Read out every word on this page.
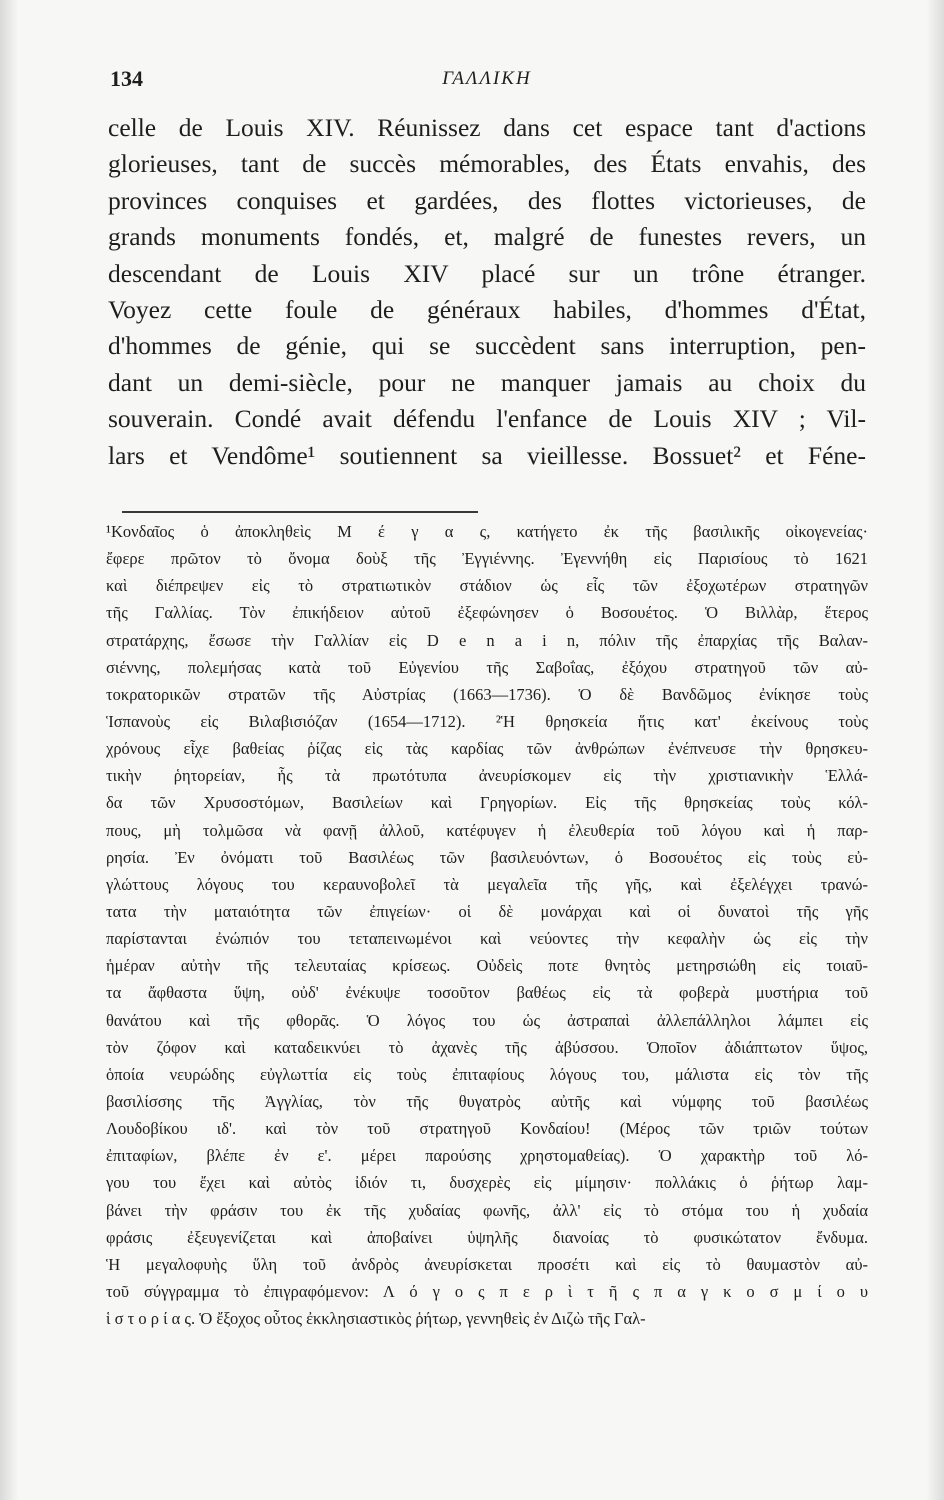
134	ΓΑΛΛΙΚΗ
celle de Louis XIV. Réunissez dans cet espace tant d'actions
glorieuses, tant de succès mémorables, des États envahis, des
provinces conquises et gardées, des flottes victorieuses, de
grands monuments fondés, et, malgré de funestes revers, un
descendant de Louis XIV placé sur un trône étranger.
Voyez cette foule de généraux habiles, d'hommes d'État,
d'hommes de génie, qui se succèdent sans interruption, pen-
dant un demi-siècle, pour ne manquer jamais au choix du
souverain. Condé avait défendu l'enfance de Louis XIV ; Vil-
lars et Vendôme¹ soutiennent sa vieillesse. Bossuet² et Féne-
¹Κονδαῖος ὁ ἀποκληθεὶς Μ έ γ α ς, κατήγετο ἐκ τῆς βασιλικῆς οἰκογενείας·
ἔφερε πρῶτον τὸ ὄνομα δοὺξ τῆς Ἐγγιέννης. Ἐγεννήθη εἰς Παρισίους τὸ 1621
καὶ διέπρεψεν εἰς τὸ στρατιωτικὸν στάδιον ὡς εἷς τῶν ἐξοχωτέρων στρατηγῶν
τῆς Γαλλίας. Τὸν ἐπικήδειον αὐτοῦ ἐξεφώνησεν ὁ Βοσουέτος. Ὁ Βιλλὰρ, ἕτερος
στρατάρχης, ἔσωσε τὴν Γαλλίαν εἰς D e n a i n, πόλιν τῆς ἐπαρχίας τῆς Βαλαν-
σιέννης, πολεμήσας κατὰ τοῦ Εὐγενίου τῆς Σαβοΐας, ἐξόχου στρατηγοῦ τῶν αὐ-
τοκρατορικῶν στρατῶν τῆς Αὐστρίας (1663—1736). Ὁ δὲ Βανδῶμος ἐνίκησε τοὺς
Ἱσπανοὺς εἰς Βιλαβισιόζαν (1654—1712). ²Ἡ θρησκεία ἥτις κατ' ἐκείνους τοὺς
χρόνους εἶχε βαθείας ῥίζας εἰς τὰς καρδίας τῶν ἀνθρώπων ἐνέπνευσε τὴν θρησκευ-
τικὴν ῥητορείαν, ἧς τὰ πρωτότυπα ἀνευρίσκομεν εἰς τὴν χριστιανικὴν Ἑλλά-
δα τῶν Χρυσοστόμων, Βασιλείων καὶ Γρηγορίων. Εἰς τῆς θρησκείας τοὺς κόλ-
πους, μὴ τολμῶσα νὰ φανῇ ἀλλοῦ, κατέφυγεν ἡ ἐλευθερία τοῦ λόγου καὶ ἡ παρ-
ρησία. Ἐν ὀνόματι τοῦ Βασιλέως τῶν βασιλευόντων, ὁ Βοσουέτος εἰς τοὺς εὐ-
γλώττους λόγους του κεραυνοβολεῖ τὰ μεγαλεῖα τῆς γῆς, καὶ ἐξελέγχει τρανώ-
τατα τὴν ματαιότητα τῶν ἐπιγείων· οἱ δὲ μονάρχαι καὶ οἱ δυνατοὶ τῆς γῆς
παρίστανται ἐνώπιόν του τεταπεινωμένοι καὶ νεύοντες τὴν κεφαλὴν ὡς εἰς τὴν
ἡμέραν αὐτὴν τῆς τελευταίας κρίσεως. Οὐδεὶς ποτε θνητὸς μετηρσιώθη εἰς τοιαῦ-
τα ἄφθαστα ὕψη, οὐδ' ἐνέκυψε τοσοῦτον βαθέως εἰς τὰ φοβερὰ μυστήρια τοῦ
θανάτου καὶ τῆς φθορᾶς. Ὁ λόγος του ὡς ἀστραπαὶ ἀλλεπάλληλοι λάμπει εἰς
τὸν ζόφον καὶ καταδεικνύει τὸ ἀχανὲς τῆς ἀβύσσου. Ὁποῖον ἀδιάπτωτον ὕψος,
ὁποία νευρώδης εὐγλωττία εἰς τοὺς ἐπιταφίους λόγους του, μάλιστα εἰς τὸν τῆς
βασιλίσσης τῆς Ἀγγλίας, τὸν τῆς θυγατρὸς αὐτῆς καὶ νύμφης τοῦ βασιλέως
Λουδοβίκου ιδ'. καὶ τὸν τοῦ στρατηγοῦ Κονδαίου! (Μέρος τῶν τριῶν τούτων
ἐπιταφίων, βλέπε ἐν ε'. μέρει παρούσης χρηστομαθείας). Ὁ χαρακτὴρ τοῦ λό-
γου του ἔχει καὶ αὐτὸς ἰδιόν τι, δυσχερὲς εἰς μίμησιν· πολλάκις ὁ ῥήτωρ λαμ-
βάνει τὴν φράσιν του ἐκ τῆς χυδαίας φωνῆς, ἀλλ' εἰς τὸ στόμα του ἡ χυδαία
φράσις ἐξευγενίζεται καὶ ἀποβαίνει ὑψηλῆς διανοίας τὸ φυσικώτατον ἔνδυμα.
Ἡ μεγαλοφυὴς ὕλη τοῦ ἀνδρὸς ἀνευρίσκεται προσέτι καὶ εἰς τὸ θαυμαστὸν αὐ-
τοῦ σύγγραμμα τὸ ἐπιγραφόμενον: Λ ό γ ο ς π ε ρ ὶ τ ῆ ς π α γ κ ο σ μ ί ο υ
ἱ σ τ ο ρ ί α ς. Ὁ ἔξοχος οὗτος ἐκκλησιαστικὸς ῥήτωρ, γεννηθεὶς ἐν Διζὼ τῆς Γαλ-
